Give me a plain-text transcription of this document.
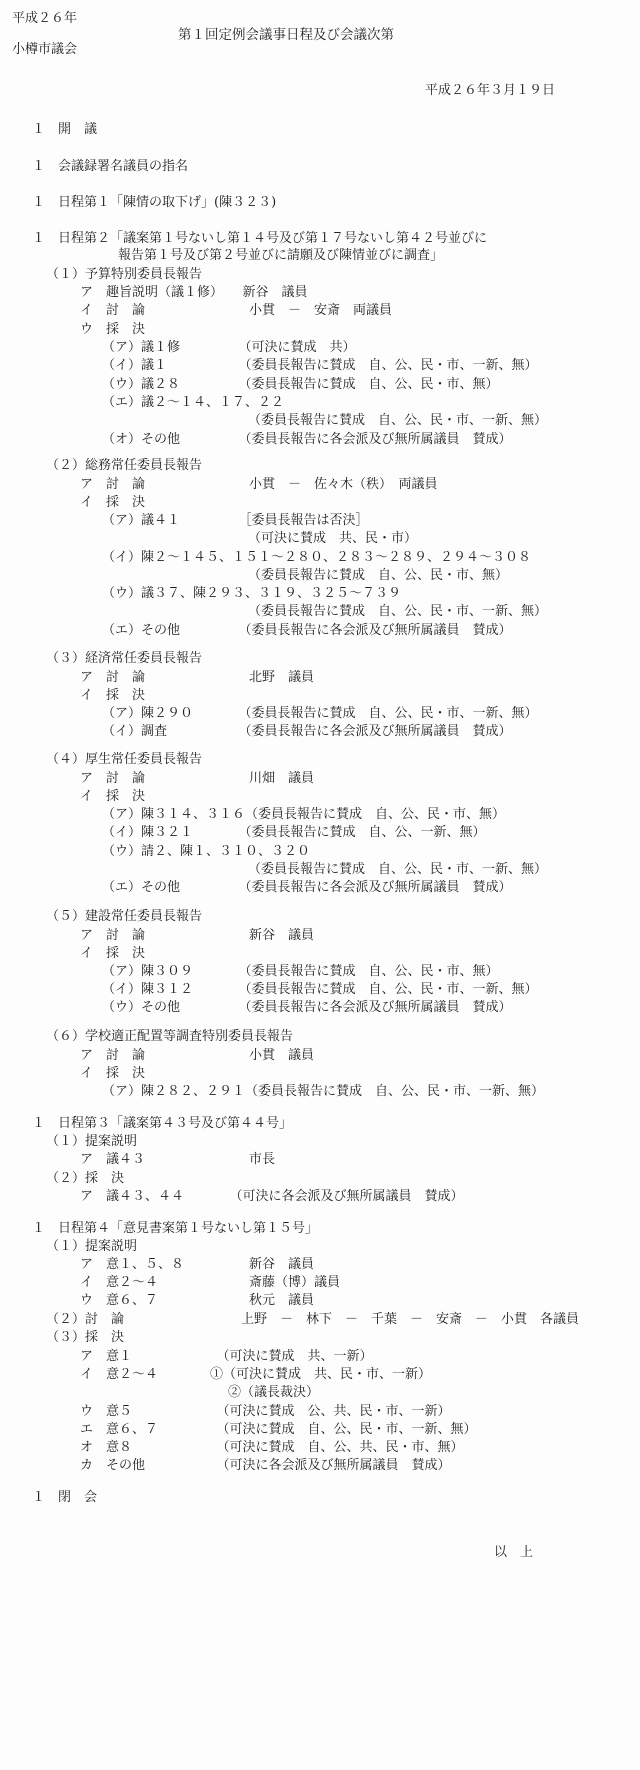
平成２６年
小樽市議会
第１回定例会議事日程及び会議次第
平成２６年３月１９日
１　開　議
１　会議録署名議員の指名
１　日程第１「陳情の取下げ」(陳３２３)
１　日程第２「議案第１号ないし第１４号及び第１７号ないし第４２号並びに
報告第１号及び第２号並びに請願及び陳情並びに調査」
（１）予算特別委員長報告
ア　趣旨説明（議１修）　　新谷　議員
イ　討　論　　　　　　　　小貫　－　安斎　両議員
ウ　採　決
（ア）議１修　　　　　（可決に賛成　共）
（イ）議１　　　　　　（委員長報告に賛成　自、公、民・市、一新、無）
（ウ）議２８　　　　　（委員長報告に賛成　自、公、民・市、無）
（エ）議２～１４、１７、２２
（委員長報告に賛成　自、公、民・市、一新、無）
（オ）その他　　　　　（委員長報告に各会派及び無所属議員　賛成）
（２）総務常任委員長報告
ア　討　論　　　　　　　　小貫　－　佐々木（秩）　両議員
イ　採　決
（ア）議４１　　　　　［委員長報告は否決］
（可決に賛成　共、民・市）
（イ）陳２～１４５、１５１～２８０、２８３～２８９、２９４～３０８
（委員長報告に賛成　自、公、民・市、無）
（ウ）議３７、陳２９３、３１９、３２５～７３９
（委員長報告に賛成　自、公、民・市、一新、無）
（エ）その他　　　　　（委員長報告に各会派及び無所属議員　賛成）
（３）経済常任委員長報告
ア　討　論　　　　　　　　北野　議員
イ　採　決
（ア）陳２９０　　　　（委員長報告に賛成　自、公、民・市、一新、無）
（イ）調査　　　　　　（委員長報告に各会派及び無所属議員　賛成）
（４）厚生常任委員長報告
ア　討　論　　　　　　　　川畑　議員
イ　採　決
（ア）陳３１４、３１６（委員長報告に賛成　自、公、民・市、無）
（イ）陳３２１　　　　（委員長報告に賛成　自、公、一新、無）
（ウ）請２、陳１、３１０、３２０
（委員長報告に賛成　自、公、民・市、一新、無）
（エ）その他　　　　　（委員長報告に各会派及び無所属議員　賛成）
（５）建設常任委員長報告
ア　討　論　　　　　　　　新谷　議員
イ　採　決
（ア）陳３０９　　　　（委員長報告に賛成　自、公、民・市、無）
（イ）陳３１２　　　　（委員長報告に賛成　自、公、民・市、一新、無）
（ウ）その他　　　　　（委員長報告に各会派及び無所属議員　賛成）
（６）学校適正配置等調査特別委員長報告
ア　討　論　　　　　　　　小貫　議員
イ　採　決
（ア）陳２８２、２９１（委員長報告に賛成　自、公、民・市、一新、無）
１　日程第３「議案第４３号及び第４４号」
（１）提案説明
ア　議４３　　　　　　　　市長
（２）採　決
ア　議４３、４４　　　　（可決に各会派及び無所属議員　賛成）
１　日程第４「意見書案第１号ないし第１５号」
（１）提案説明
ア　意１、５、８　　　　　新谷　議員
イ　意２～４　　　　　　　斎藤（博）議員
ウ　意６、７　　　　　　　秋元　議員
（２）討　論　　　　　　　　　上野　－　林下　－　千葉　－　安斎　－　小貫　各議員
（３）採　決
ア　意１　　　　　　　（可決に賛成　共、一新）
イ　意２～４　　　　①（可決に賛成　共、民・市、一新）
②（議長裁決）
ウ　意５　　　　　　　（可決に賛成　公、共、民・市、一新）
エ　意６、７　　　　　（可決に賛成　自、公、民・市、一新、無）
オ　意８　　　　　　　（可決に賛成　自、公、共、民・市、無）
カ　その他　　　　　　（可決に各会派及び無所属議員　賛成）
１　閉　会
以　上
